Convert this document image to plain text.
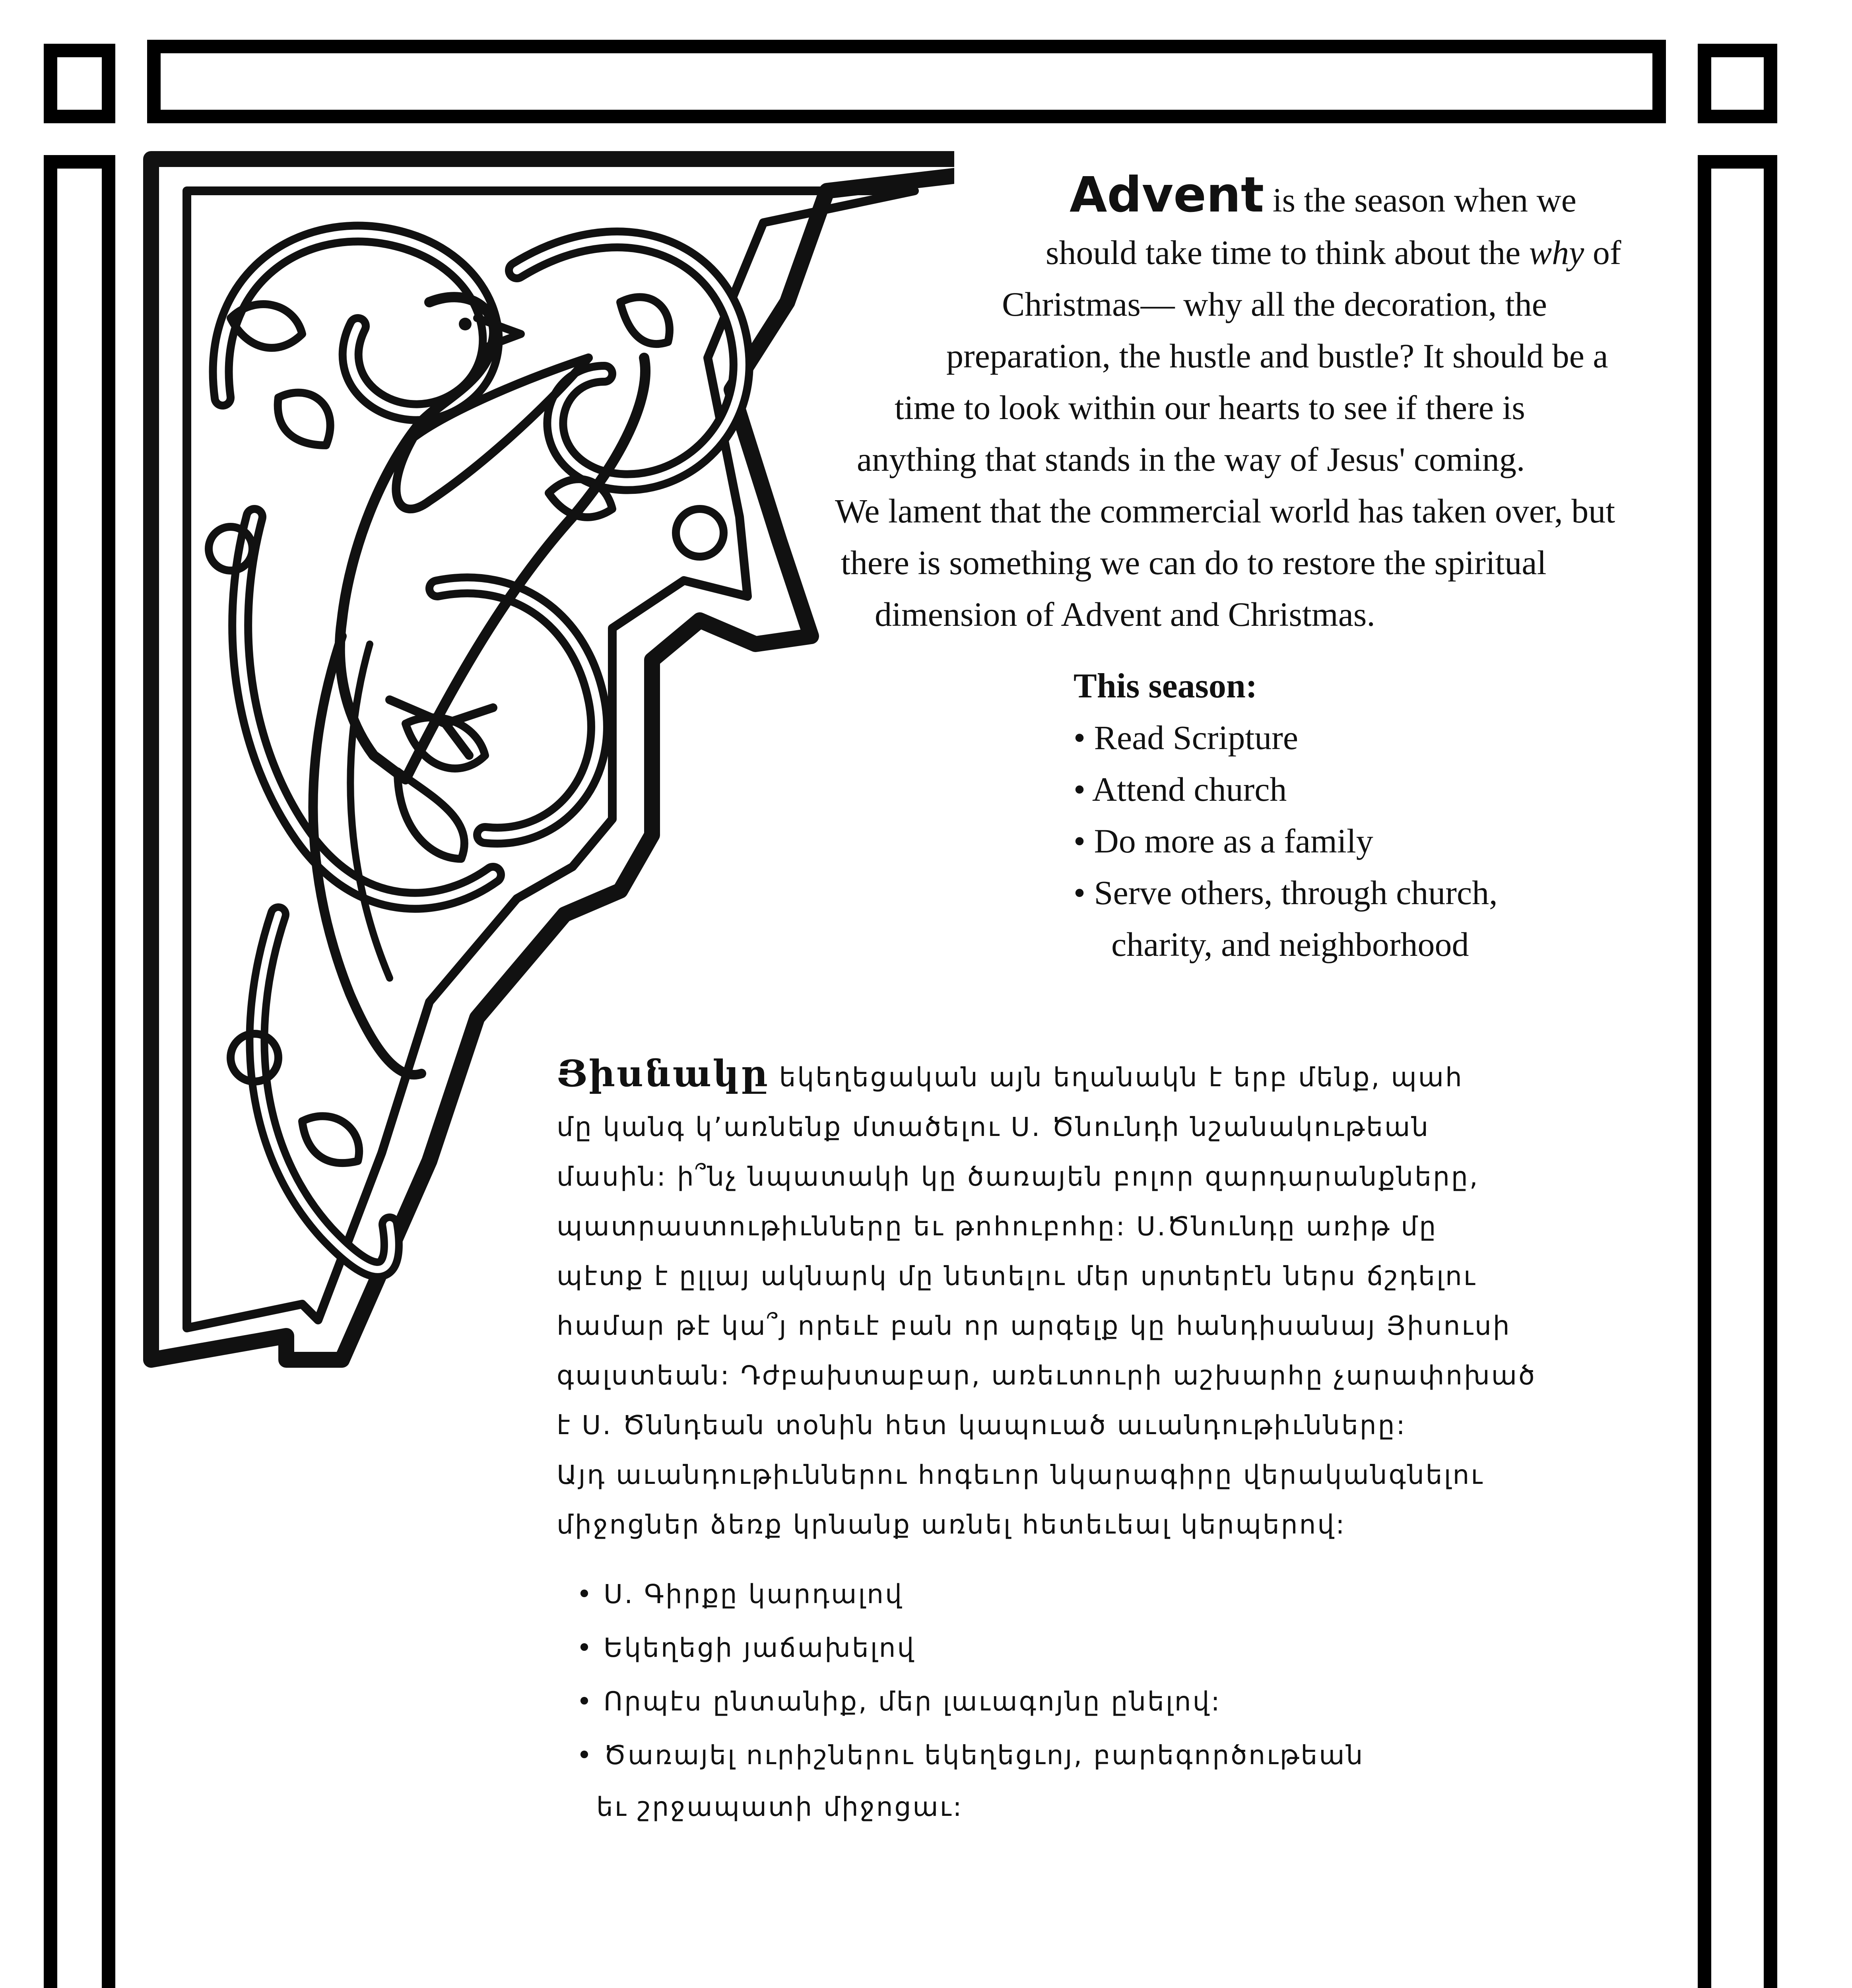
Advent is the season when we
should take time to think about the why of
Christmas— why all the decoration, the
preparation, the hustle and bustle? It should be a
time to look within our hearts to see if there is
anything that stands in the way of Jesus' coming.
We lament that the commercial world has taken over, but
there is something we can do to restore the spiritual
dimension of Advent and Christmas.
This season:
• Read Scripture
• Attend church
• Do more as a family
• Serve others, through church,
charity, and neighborhood
Յիսնակը եկեղեցական այն եղանակն է երբ մենք, պահ
մը կանգ կ՚առնենք մտածելու Ս. Ծնունդի նշանակութեան
մասին: ի՞նչ նպատակի կը ծառայեն բոլոր զարդարանքները,
պատրաստութիւնները եւ թոհուբոհը: Ս.Ծնունդը առիթ մը
պէտք է ըլլայ ակնարկ մը նետելու մեր սրտերէն ներս ճշդելու
համար թէ կա՞յ որեւէ բան որ արգելք կը հանդիսանայ Յիսուսի
գալստեան: Դժբախտաբար, առեւտուրի աշխարհը չարափոխած
է Ս. Ծննդեան տօնին հետ կապուած աւանդութիւնները:
Այդ աւանդութիւններու հոգեւոր նկարագիրը վերականգնելու
միջոցներ ձեռք կրնանք առնել հետեւեալ կերպերով:
• Ս. Գիրքը կարդալով
• Եկեղեցի յաճախելով
• Որպէս ընտանիք, մեր լաւագոյնը ընելով:
• Ծառայել ուրիշներու եկեղեցւոյ, բարեգործութեան
եւ շրջապատի միջոցաւ:
